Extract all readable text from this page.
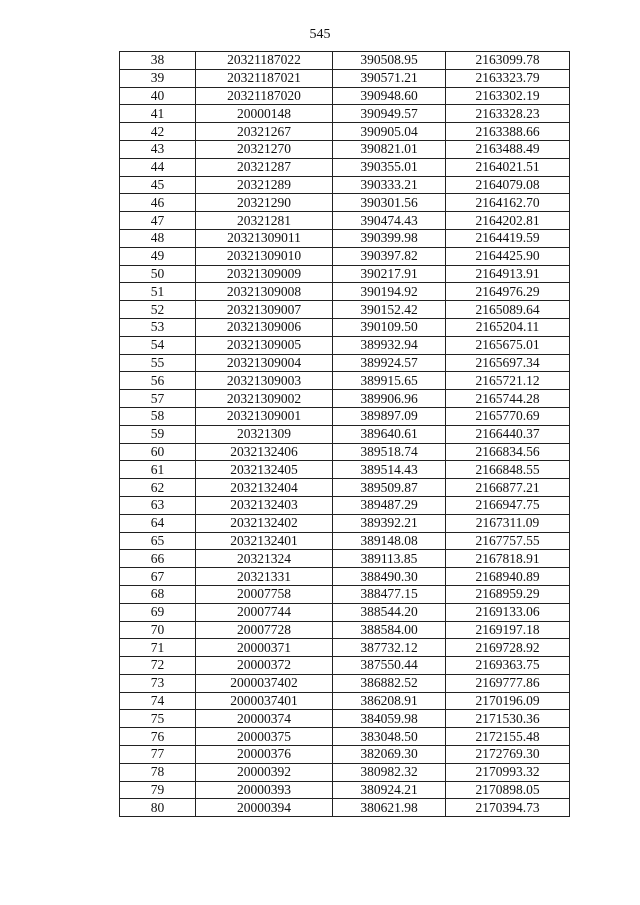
545
38	20321187022	390508.95	2163099.78
39	20321187021	390571.21	2163323.79
40	20321187020	390948.60	2163302.19
41	20000148	390949.57	2163328.23
42	20321267	390905.04	2163388.66
43	20321270	390821.01	2163488.49
44	20321287	390355.01	2164021.51
45	20321289	390333.21	2164079.08
46	20321290	390301.56	2164162.70
47	20321281	390474.43	2164202.81
48	20321309011	390399.98	2164419.59
49	20321309010	390397.82	2164425.90
50	20321309009	390217.91	2164913.91
51	20321309008	390194.92	2164976.29
52	20321309007	390152.42	2165089.64
53	20321309006	390109.50	2165204.11
54	20321309005	389932.94	2165675.01
55	20321309004	389924.57	2165697.34
56	20321309003	389915.65	2165721.12
57	20321309002	389906.96	2165744.28
58	20321309001	389897.09	2165770.69
59	20321309	389640.61	2166440.37
60	2032132406	389518.74	2166834.56
61	2032132405	389514.43	2166848.55
62	2032132404	389509.87	2166877.21
63	2032132403	389487.29	2166947.75
64	2032132402	389392.21	2167311.09
65	2032132401	389148.08	2167757.55
66	20321324	389113.85	2167818.91
67	20321331	388490.30	2168940.89
68	20007758	388477.15	2168959.29
69	20007744	388544.20	2169133.06
70	20007728	388584.00	2169197.18
71	20000371	387732.12	2169728.92
72	20000372	387550.44	2169363.75
73	2000037402	386882.52	2169777.86
74	2000037401	386208.91	2170196.09
75	20000374	384059.98	2171530.36
76	20000375	383048.50	2172155.48
77	20000376	382069.30	2172769.30
78	20000392	380982.32	2170993.32
79	20000393	380924.21	2170898.05
80	20000394	380621.98	2170394.73
